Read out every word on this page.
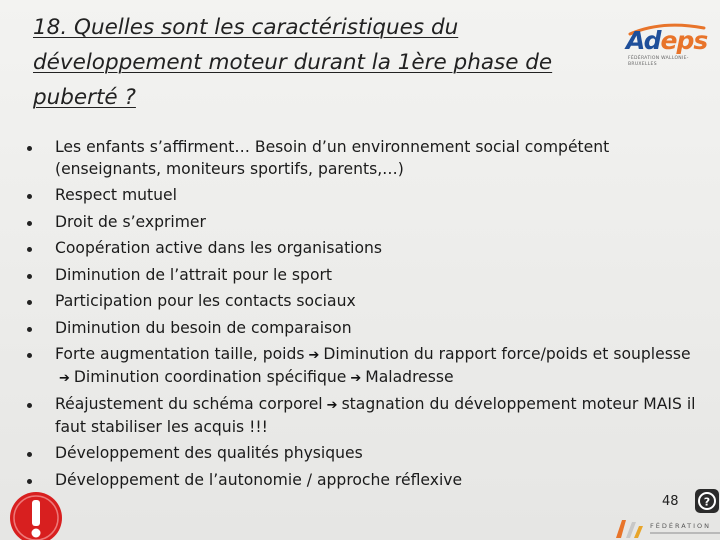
18. Quelles sont les caractéristiques du développement moteur durant la 1ère phase de puberté ?
Adeps
FÉDÉRATION WALLONIE-BRUXELLES
Les enfants s’affirment… Besoin d’un environnement social compétent (enseignants, moniteurs sportifs, parents,…)
Respect mutuel
Droit de s’exprimer
Coopération active dans les organisations
Diminution de l’attrait pour le sport
Participation pour les contacts sociaux
Diminution du besoin de comparaison
Forte augmentation taille, poids ➔ Diminution du rapport force/poids et souplesse➔ Diminution coordination spécifique ➔ Maladresse
Réajustement du schéma corporel ➔ stagnation du développement moteur MAIS il faut stabiliser les acquis !!!
Développement des qualités physiques
Développement de l’autonomie / approche réflexive
48 ?
FÉDÉRATION
